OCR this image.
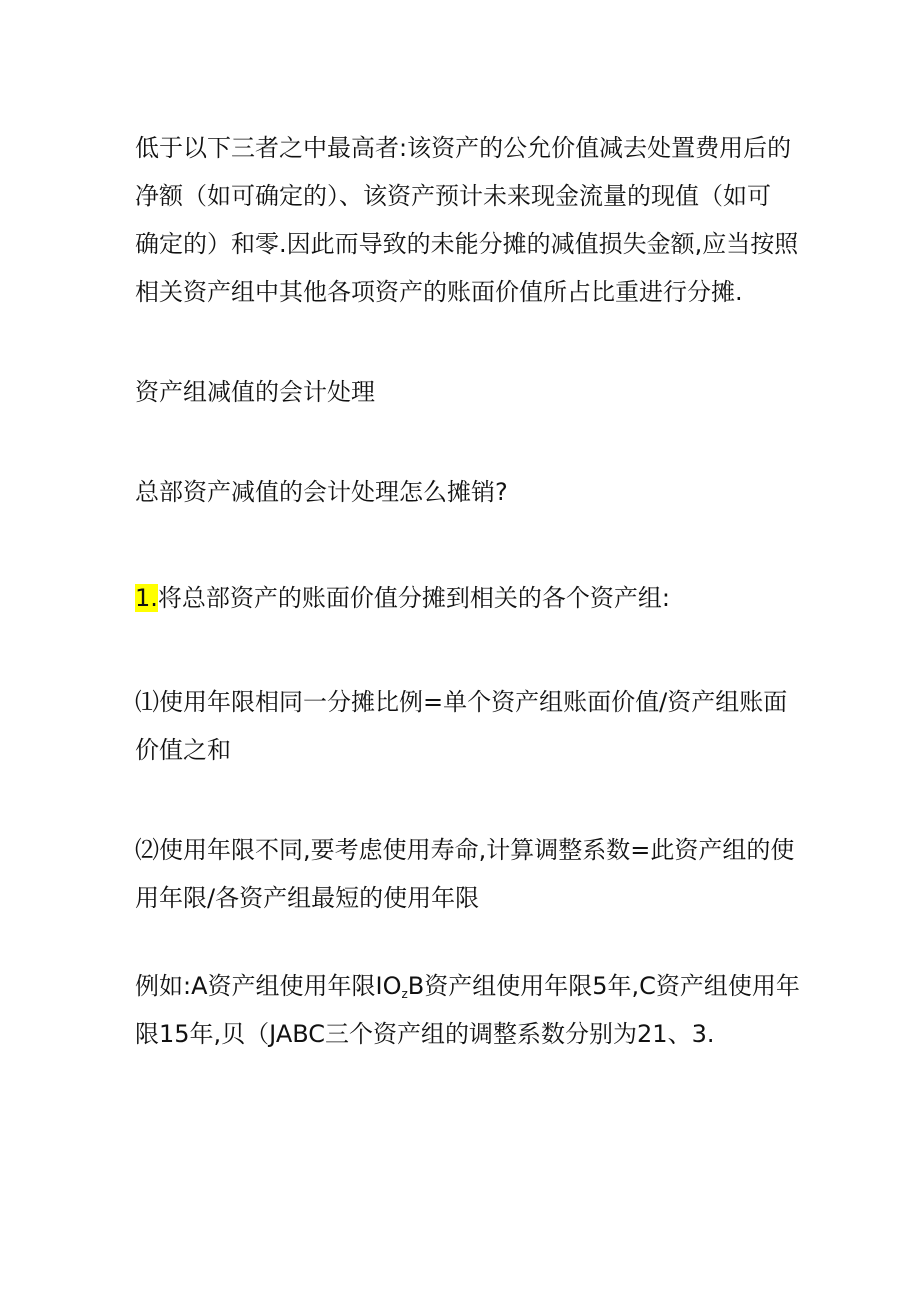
低于以下三者之中最高者:该资产的公允价值减去处置费用后的
净额（如可确定的）、该资产预计未来现金流量的现值（如可
确定的）和零.因此而导致的未能分摊的减值损失金额,应当按照
相关资产组中其他各项资产的账面价值所占比重进行分摊.

资产组减值的会计处理

总部资产减值的会计处理怎么摊销?

1.将总部资产的账面价值分摊到相关的各个资产组:

⑴使用年限相同一分摊比例=单个资产组账面价值/资产组账面
价值之和

⑵使用年限不同,要考虑使用寿命,计算调整系数=此资产组的使
用年限/各资产组最短的使用年限

例如:A资产组使用年限$IO_zB$资产组使用年限5年,C资产组使用年
限15年,贝（JABC三个资产组的调整系数分别为21、3.
